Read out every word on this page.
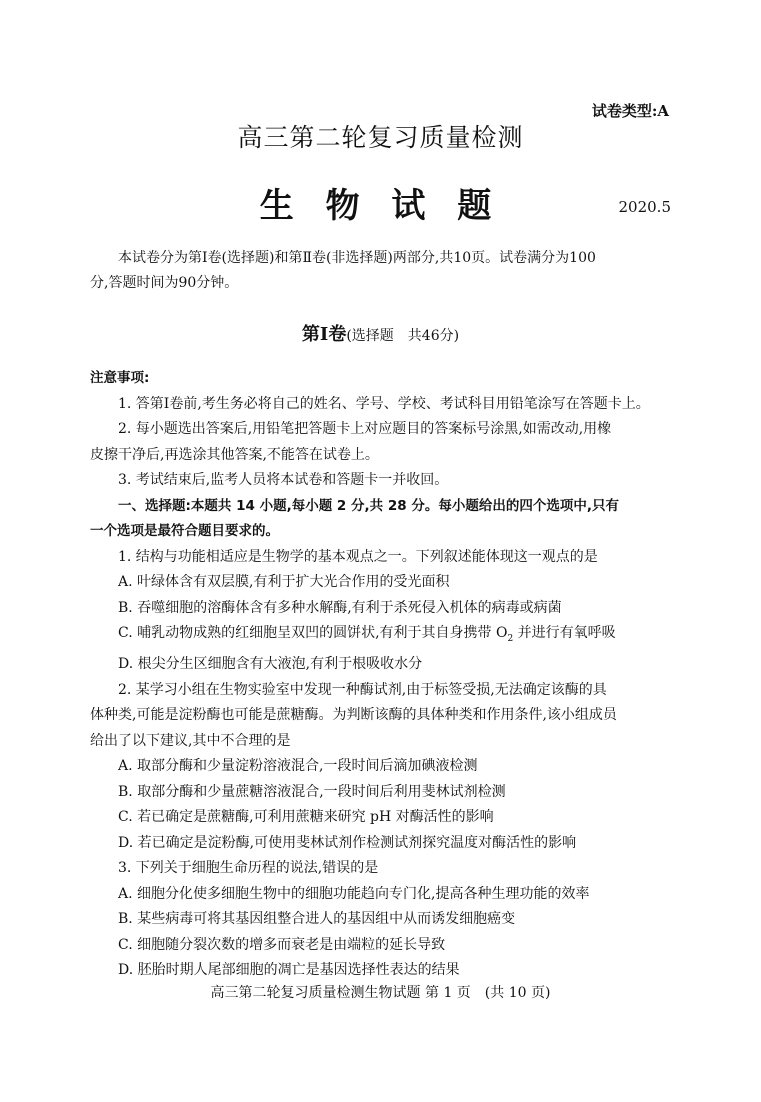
试卷类型:A
高三第二轮复习质量检测
生 物 试 题	2020.5

本试卷分为第Ⅰ卷(选择题)和第Ⅱ卷(非选择题)两部分,共10页。试卷满分为100

分,答题时间为90分钟。

第Ⅰ卷(选择题　共46分)

注意事项:

1. 答第Ⅰ卷前,考生务必将自己的姓名、学号、学校、考试科目用铅笔涂写在答题卡上。

2. 每小题选出答案后,用铅笔把答题卡上对应题目的答案标号涂黑,如需改动,用橡

皮擦干净后,再选涂其他答案,不能答在试卷上。

3. 考试结束后,监考人员将本试卷和答题卡一并收回。

一、选择题:本题共 14 小题,每小题 2 分,共 28 分。每小题给出的四个选项中,只有

一个选项是最符合题目要求的。

1. 结构与功能相适应是生物学的基本观点之一。下列叙述能体现这一观点的是

A. 叶绿体含有双层膜,有利于扩大光合作用的受光面积

B. 吞噬细胞的溶酶体含有多种水解酶,有利于杀死侵入机体的病毒或病菌

C. 哺乳动物成熟的红细胞呈双凹的圆饼状,有利于其自身携带 $O_2$ 并进行有氧呼吸

D. 根尖分生区细胞含有大液泡,有利于根吸收水分

2. 某学习小组在生物实验室中发现一种酶试剂,由于标签受损,无法确定该酶的具

体种类,可能是淀粉酶也可能是蔗糖酶。为判断该酶的具体种类和作用条件,该小组成员

给出了以下建议,其中不合理的是

A. 取部分酶和少量淀粉溶液混合,一段时间后滴加碘液检测

B. 取部分酶和少量蔗糖溶液混合,一段时间后利用斐林试剂检测

C. 若已确定是蔗糖酶,可利用蔗糖来研究 pH 对酶活性的影响

D. 若已确定是淀粉酶,可使用斐林试剂作检测试剂探究温度对酶活性的影响

3. 下列关于细胞生命历程的说法,错误的是

A. 细胞分化使多细胞生物中的细胞功能趋向专门化,提高各种生理功能的效率

B. 某些病毒可将其基因组整合进人的基因组中从而诱发细胞癌变

C. 细胞随分裂次数的增多而衰老是由端粒的延长导致

D. 胚胎时期人尾部细胞的凋亡是基因选择性表达的结果

高三第二轮复习质量检测生物试题 第 1 页　(共 10 页)
